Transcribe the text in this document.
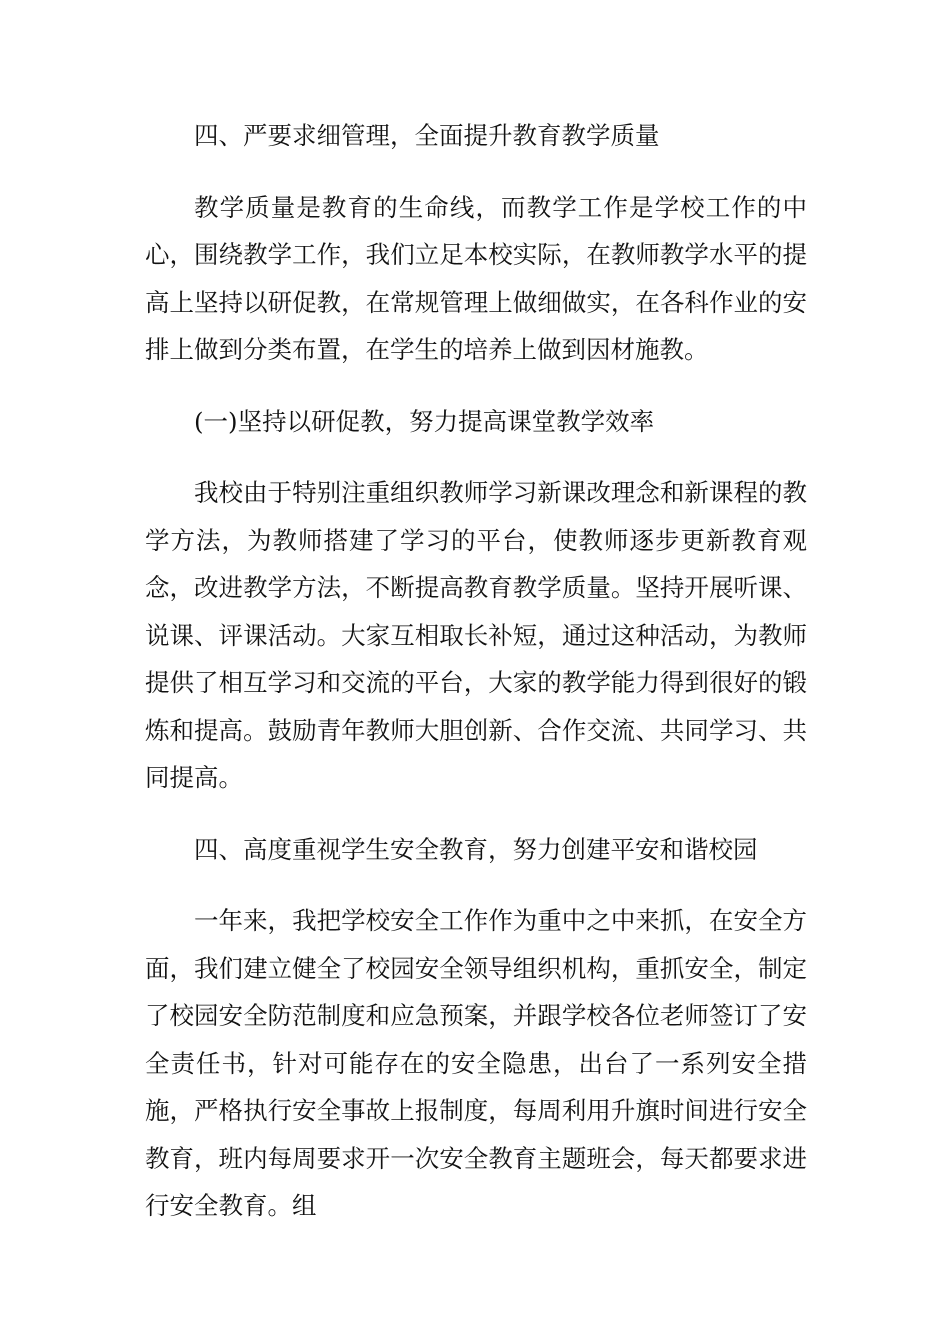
四、严要求细管理，全面提升教育教学质量

教学质量是教育的生命线，而教学工作是学校工作的中心，围绕教学工作，我们立足本校实际，在教师教学水平的提高上坚持以研促教，在常规管理上做细做实，在各科作业的安排上做到分类布置，在学生的培养上做到因材施教。

(一)坚持以研促教，努力提高课堂教学效率

我校由于特别注重组织教师学习新课改理念和新课程的教学方法，为教师搭建了学习的平台，使教师逐步更新教育观念，改进教学方法，不断提高教育教学质量。坚持开展听课、说课、评课活动。大家互相取长补短，通过这种活动，为教师提供了相互学习和交流的平台，大家的教学能力得到很好的锻炼和提高。鼓励青年教师大胆创新、合作交流、共同学习、共同提高。

四、高度重视学生安全教育，努力创建平安和谐校园

一年来，我把学校安全工作作为重中之中来抓，在安全方面，我们建立健全了校园安全领导组织机构，重抓安全，制定了校园安全防范制度和应急预案，并跟学校各位老师签订了安全责任书，针对可能存在的安全隐患，出台了一系列安全措施，严格执行安全事故上报制度，每周利用升旗时间进行安全教育，班内每周要求开一次安全教育主题班会，每天都要求进行安全教育。组
